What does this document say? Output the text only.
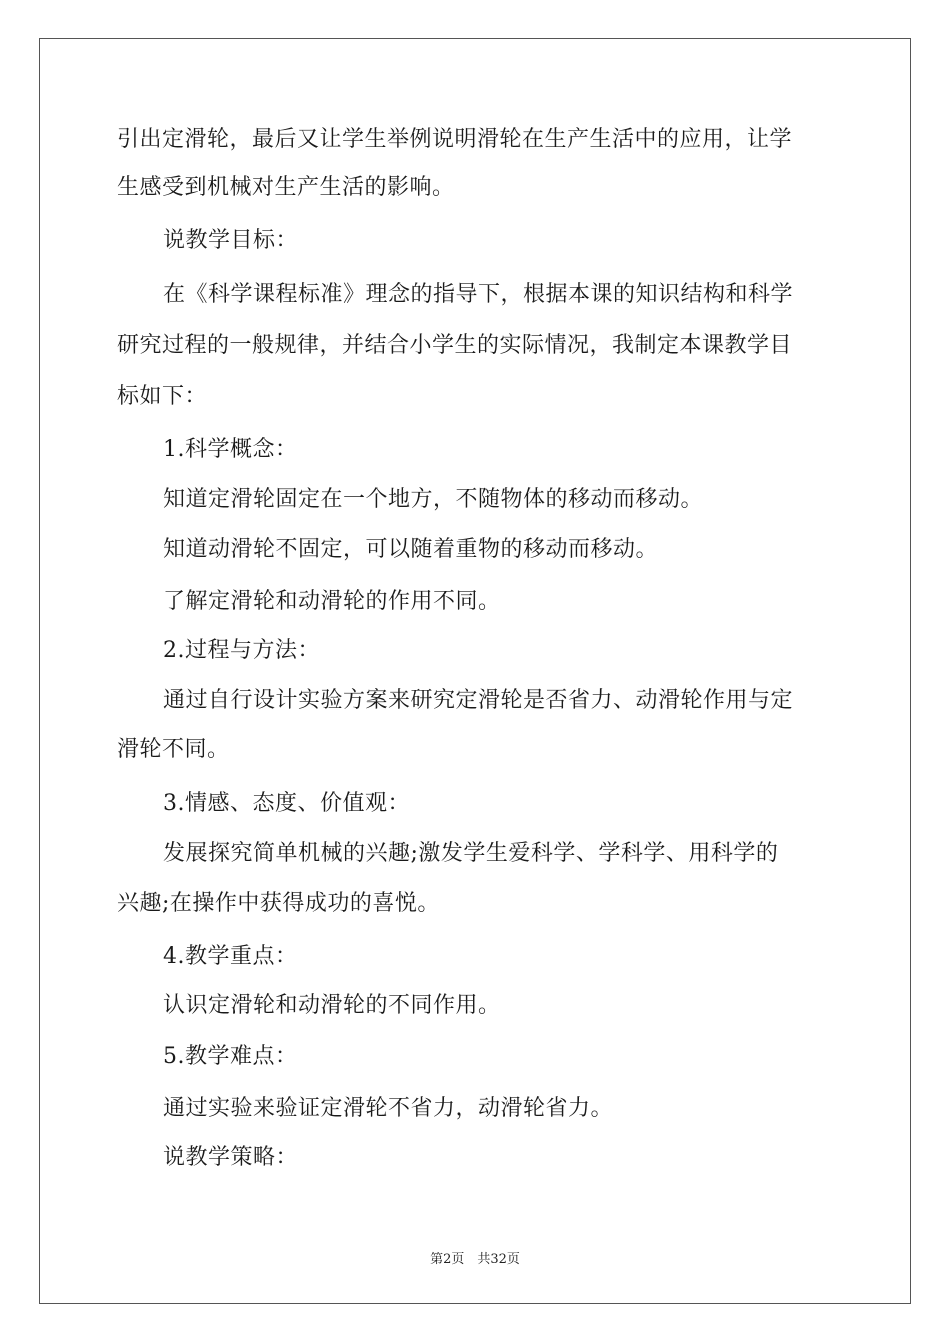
引出定滑轮，最后又让学生举例说明滑轮在生产生活中的应用，让学
生感受到机械对生产生活的影响。
说教学目标：
在《科学课程标准》理念的指导下，根据本课的知识结构和科学
研究过程的一般规律，并结合小学生的实际情况，我制定本课教学目
标如下：
1.科学概念：
知道定滑轮固定在一个地方，不随物体的移动而移动。
知道动滑轮不固定，可以随着重物的移动而移动。
了解定滑轮和动滑轮的作用不同。
2.过程与方法：
通过自行设计实验方案来研究定滑轮是否省力、动滑轮作用与定
滑轮不同。
3.情感、态度、价值观：
发展探究简单机械的兴趣;激发学生爱科学、学科学、用科学的
兴趣;在操作中获得成功的喜悦。
4.教学重点：
认识定滑轮和动滑轮的不同作用。
5.教学难点：
通过实验来验证定滑轮不省力，动滑轮省力。
说教学策略：
第2页　共32页
